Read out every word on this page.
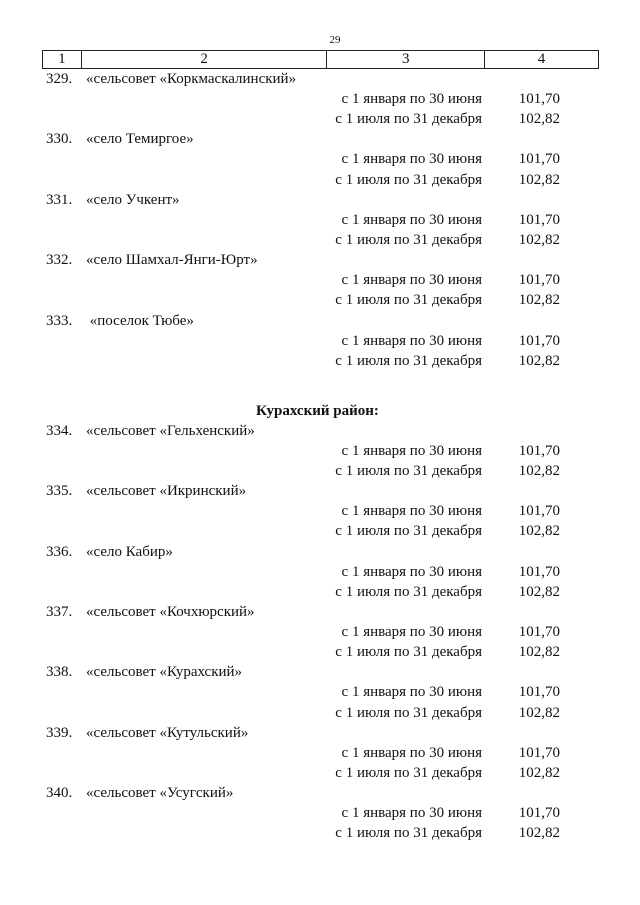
29
1	2	3	4
329. «сельсовет «Коркмаскалинский»
с 1 января по 30 июня 101,70
с 1 июля по 31 декабря 102,82
330. «село Темиргое»
с 1 января по 30 июня 101,70
с 1 июля по 31 декабря 102,82
331. «село Учкент»
с 1 января по 30 июня 101,70
с 1 июля по 31 декабря 102,82
332. «село Шамхал-Янги-Юрт»
с 1 января по 30 июня 101,70
с 1 июля по 31 декабря 102,82
333. «поселок Тюбе»
с 1 января по 30 июня 101,70
с 1 июля по 31 декабря 102,82
Курахский район:
334. «сельсовет «Гельхенский»
с 1 января по 30 июня 101,70
с 1 июля по 31 декабря 102,82
335. «сельсовет «Икринский»
с 1 января по 30 июня 101,70
с 1 июля по 31 декабря 102,82
336. «село Кабир»
с 1 января по 30 июня 101,70
с 1 июля по 31 декабря 102,82
337. «сельсовет «Кочхюрский»
с 1 января по 30 июня 101,70
с 1 июля по 31 декабря 102,82
338. «сельсовет «Курахский»
с 1 января по 30 июня 101,70
с 1 июля по 31 декабря 102,82
339. «сельсовет «Кутульский»
с 1 января по 30 июня 101,70
с 1 июля по 31 декабря 102,82
340. «сельсовет «Усугский»
с 1 января по 30 июня 101,70
с 1 июля по 31 декабря 102,82
